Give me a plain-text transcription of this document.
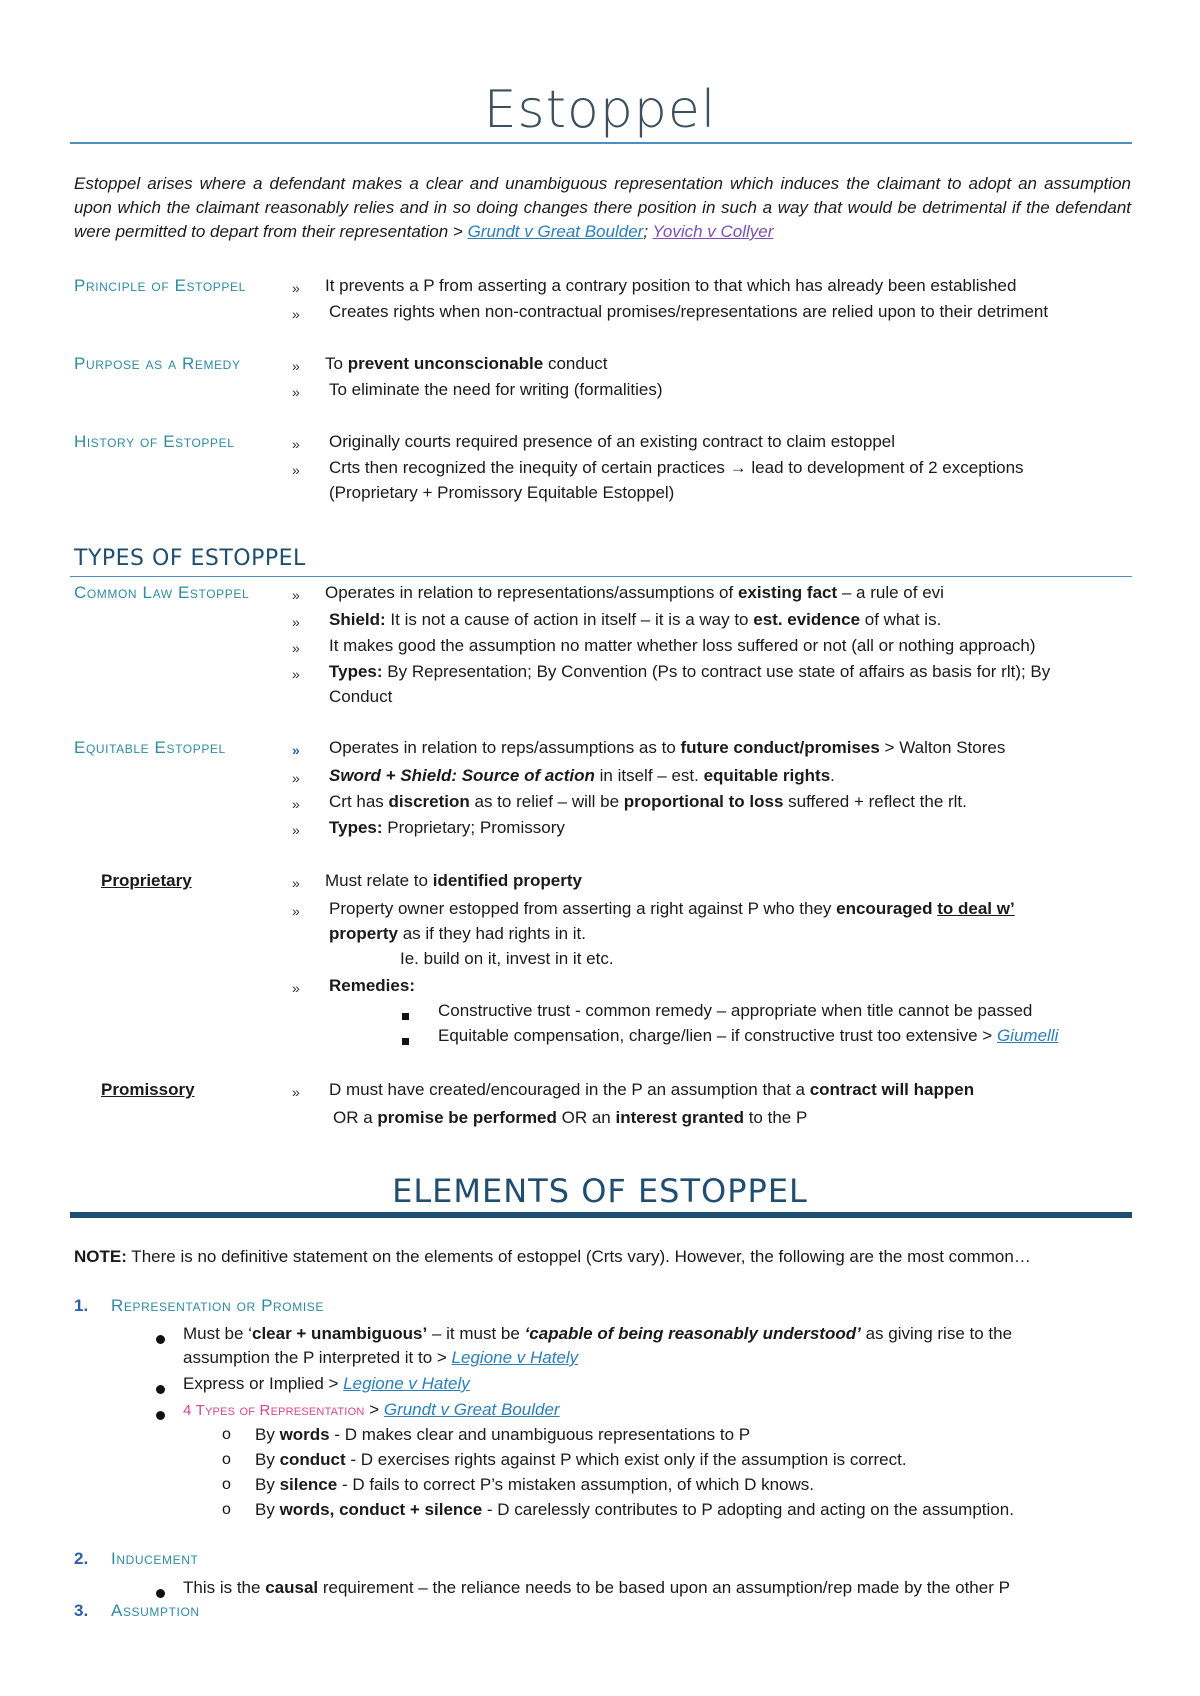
Estoppel
Estoppel arises where a defendant makes a clear and unambiguous representation which induces the claimant to adopt an assumption upon which the claimant reasonably relies and in so doing changes there position in such a way that would be detrimental if the defendant were permitted to depart from their representation > Grundt v Great Boulder; Yovich v Collyer
Principle of Estoppel	» It prevents a P from asserting a contrary position to that which has already been established
» Creates rights when non-contractual promises/representations are relied upon to their detriment
Purpose as a Remedy	» To prevent unconscionable conduct
» To eliminate the need for writing (formalities)
History of Estoppel	» Originally courts required presence of an existing contract to claim estoppel
» Crts then recognized the inequity of certain practices → lead to development of 2 exceptions
(Proprietary + Promissory Equitable Estoppel)
TYPES OF ESTOPPEL
Common Law Estoppel	» Operates in relation to representations/assumptions of existing fact – a rule of evi
» Shield: It is not a cause of action in itself – it is a way to est. evidence of what is.
» It makes good the assumption no matter whether loss suffered or not (all or nothing approach)
» Types: By Representation; By Convention (Ps to contract use state of affairs as basis for rlt); By
Conduct
Equitable Estoppel	» Operates in relation to reps/assumptions as to future conduct/promises > Walton Stores
» Sword + Shield: Source of action in itself – est. equitable rights.
» Crt has discretion as to relief – will be proportional to loss suffered + reflect the rlt.
» Types: Proprietary; Promissory
Proprietary	» Must relate to identified property
» Property owner estopped from asserting a right against P who they encouraged to deal w’
property as if they had rights in it.
Ie. build on it, invest in it etc.
» Remedies:
Constructive trust - common remedy – appropriate when title cannot be passed
Equitable compensation, charge/lien – if constructive trust too extensive > Giumelli
Promissory	» D must have created/encouraged in the P an assumption that a contract will happen
OR a promise be performed OR an interest granted to the P
ELEMENTS OF ESTOPPEL
NOTE: There is no definitive statement on the elements of estoppel (Crts vary). However, the following are the most common…
1. Representation or Promise
Must be ‘clear + unambiguous’ – it must be ‘capable of being reasonably understood’ as giving rise to the
assumption the P interpreted it to > Legione v Hately
Express or Implied > Legione v Hately
4 Types of Representation > Grundt v Great Boulder
o By words - D makes clear and unambiguous representations to P
o By conduct - D exercises rights against P which exist only if the assumption is correct.
o By silence - D fails to correct P’s mistaken assumption, of which D knows.
o By words, conduct + silence - D carelessly contributes to P adopting and acting on the assumption.
2. Inducement
This is the causal requirement – the reliance needs to be based upon an assumption/rep made by the other P
3. Assumption
